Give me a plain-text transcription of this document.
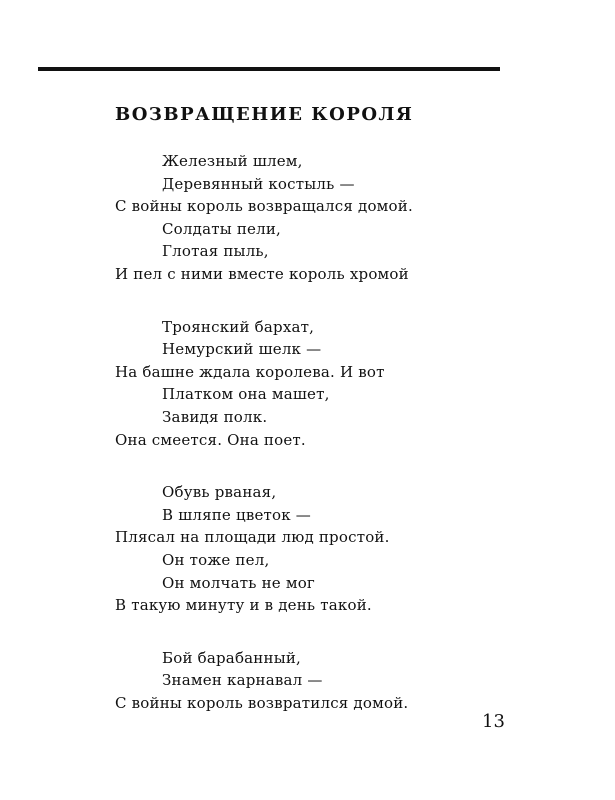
ВОЗВРАЩЕНИЕ КОРОЛЯ
Железный шлем,
Деревянный костыль —
С войны король возвращался домой.
Солдаты пели,
Глотая пыль,
И пел с ними вместе король хромой
Троянский бархат,
Немурский шелк —
На башне ждала королева. И вот
Платком она машет,
Завидя полк.
Она смеется. Она поет.
Обувь рваная,
В шляпе цветок —
Плясал на площади люд простой.
Он тоже пел,
Он молчать не мог
В такую минуту и в день такой.
Бой барабанный,
Знамен карнавал —
С войны король возвратился домой.
13
